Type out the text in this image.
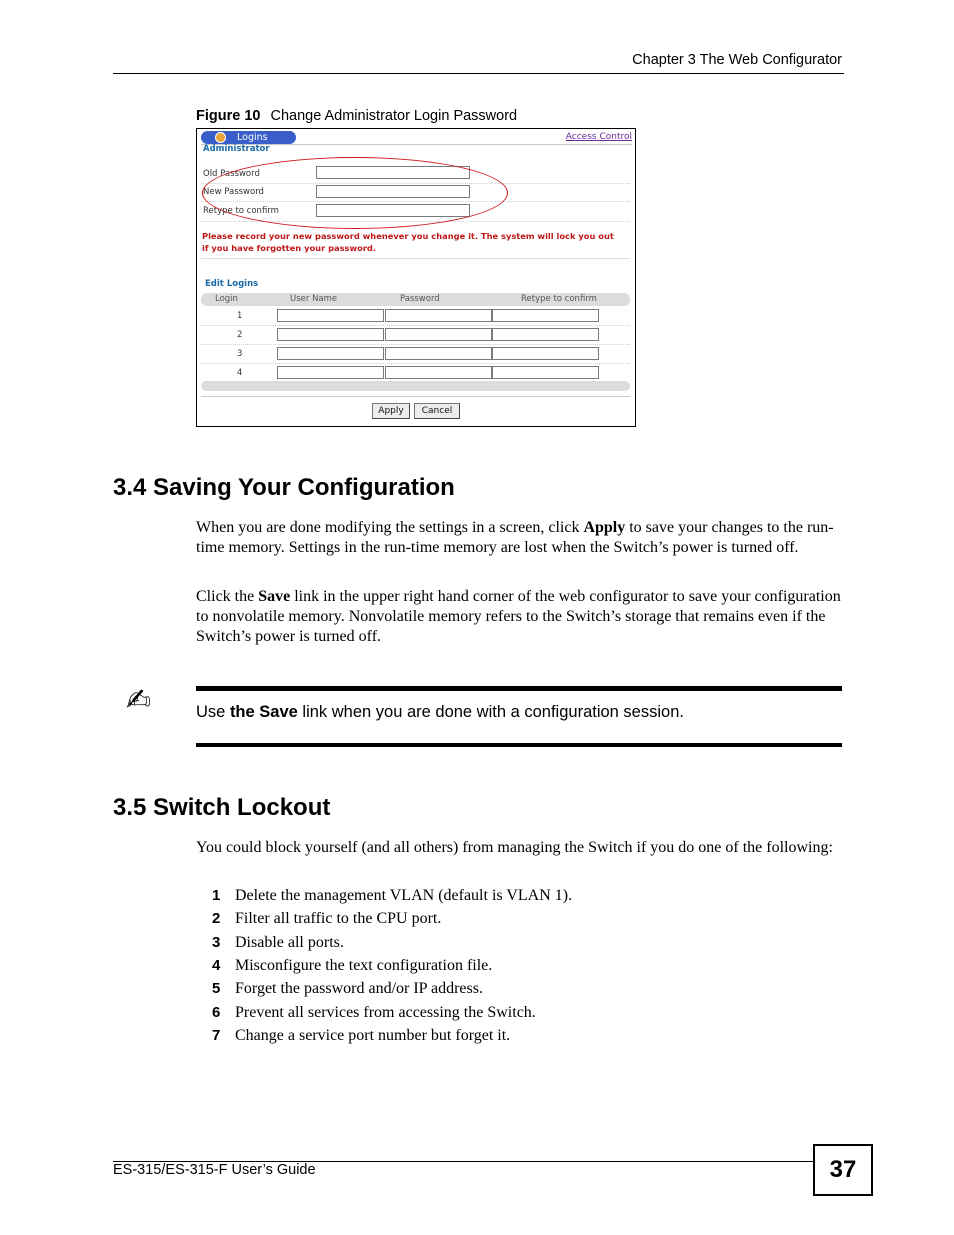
Chapter 3 The Web Configurator
Figure 10 Change Administrator Login Password
Logins	Access Control
Administrator
Old Password
New Password
Retype to confirm
Please record your new password whenever you change it. The system will lock you out
if you have forgotten your password.
Edit Logins
Login	User Name	Password	Retype to confirm
1
2
3
4
Apply	Cancel
3.4 Saving Your Configuration
When you are done modifying the settings in a screen, click Apply to save your changes to the run-time memory. Settings in the run-time memory are lost when the Switch’s power is turned off.
Click the Save link in the upper right hand corner of the web configurator to save your configuration to nonvolatile memory. Nonvolatile memory refers to the Switch’s storage that remains even if the Switch’s power is turned off.
✍	Use the Save link when you are done with a configuration session.
3.5 Switch Lockout
You could block yourself (and all others) from managing the Switch if you do one of the following:
1 Delete the management VLAN (default is VLAN 1).
2 Filter all traffic to the CPU port.
3 Disable all ports.
4 Misconfigure the text configuration file.
5 Forget the password and/or IP address.
6 Prevent all services from accessing the Switch.
7 Change a service port number but forget it.
ES-315/ES-315-F User’s Guide	37
